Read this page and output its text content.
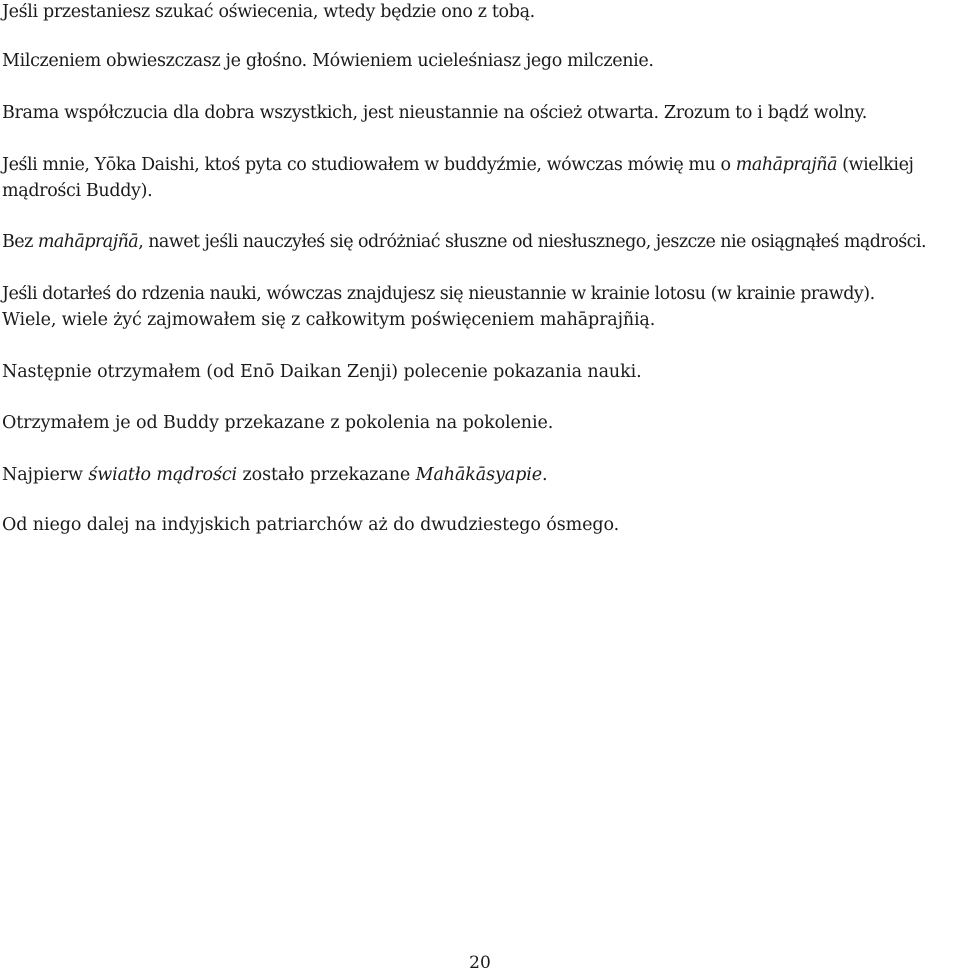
Jeśli przestaniesz szukać oświecenia, wtedy będzie ono z tobą.
Milczeniem obwieszczasz je głośno. Mówieniem ucieleśniasz jego milczenie.
Brama współczucia dla dobra wszystkich, jest nieustannie na oścież otwarta. Zrozum to i bądź wolny.
Jeśli mnie, Yōka Daishi, ktoś pyta co studiowałem w buddyźmie, wówczas mówię mu o mahāprajñā (wielkiej
mądrości Buddy).
Bez mahāprajñā, nawet jeśli nauczyłeś się odróżniać słuszne od niesłusznego, jeszcze nie osiągnąłeś mądrości.
Jeśli dotarłeś do rdzenia nauki, wówczas znajdujesz się nieustannie w krainie lotosu (w krainie prawdy).
Wiele, wiele żyć zajmowałem się z całkowitym poświęceniem mahāprajñią.
Następnie otrzymałem (od Enō Daikan Zenji) polecenie pokazania nauki.
Otrzymałem je od Buddy przekazane z pokolenia na pokolenie.
Najpierw światło mądrości zostało przekazane Mahākāsyapie.
Od niego dalej na indyjskich patriarchów aż do dwudziestego ósmego.
20
